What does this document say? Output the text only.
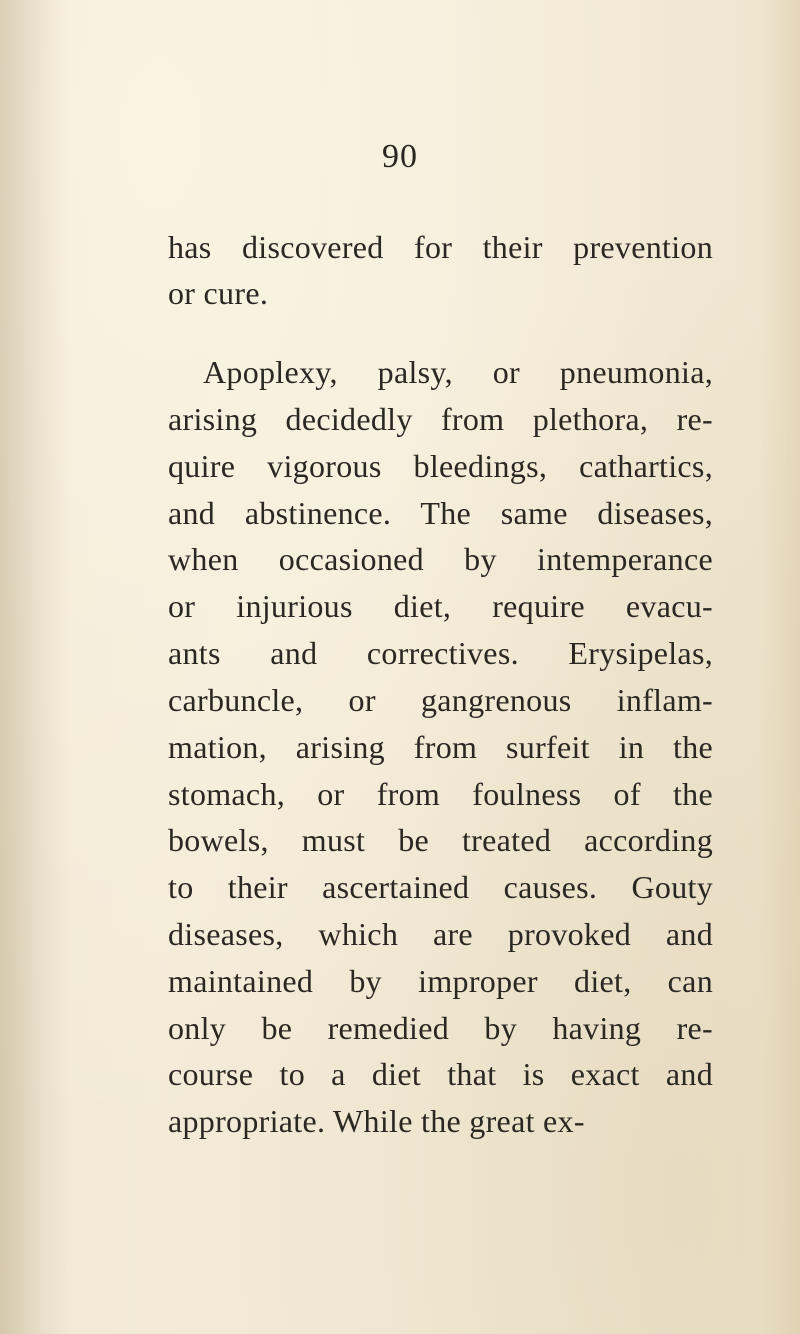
90
has discovered for their prevention
or cure.
Apoplexy, palsy, or pneumonia,
arising decidedly from plethora, re-
quire vigorous bleedings, cathartics,
and abstinence. The same diseases,
when occasioned by intemperance
or injurious diet, require evacu-
ants and correctives. Erysipelas,
carbuncle, or gangrenous inflam-
mation, arising from surfeit in the
stomach, or from foulness of the
bowels, must be treated according
to their ascertained causes. Gouty
diseases, which are provoked and
maintained by improper diet, can
only be remedied by having re-
course to a diet that is exact and
appropriate. While the great ex-
